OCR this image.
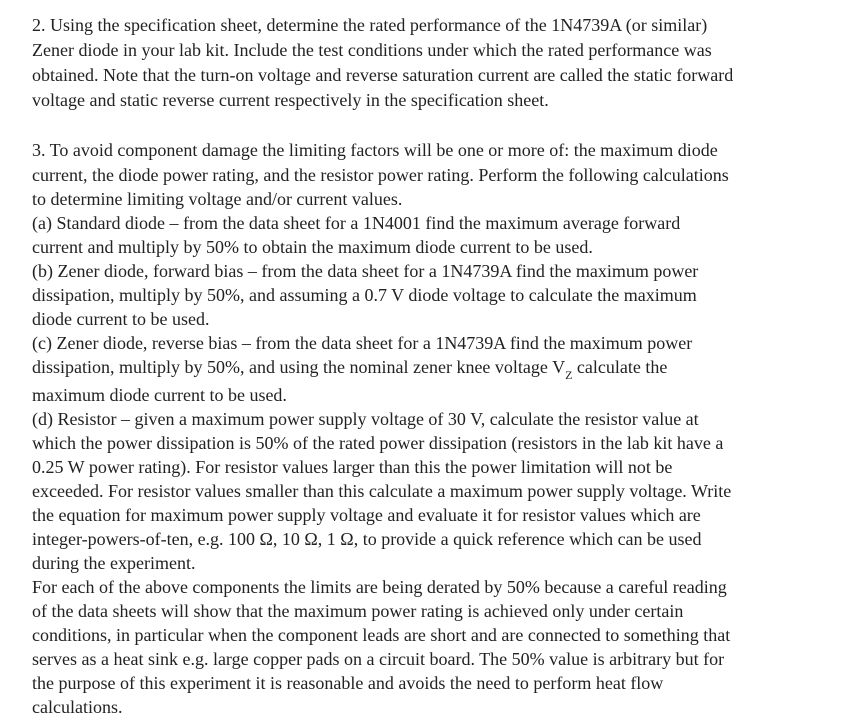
2. Using the specification sheet, determine the rated performance of the 1N4739A (or similar)
Zener diode in your lab kit. Include the test conditions under which the rated performance was
obtained. Note that the turn-on voltage and reverse saturation current are called the static forward
voltage and static reverse current respectively in the specification sheet.
3. To avoid component damage the limiting factors will be one or more of: the maximum diode
current, the diode power rating, and the resistor power rating. Perform the following calculations
to determine limiting voltage and/or current values.
(a) Standard diode – from the data sheet for a 1N4001 find the maximum average forward
current and multiply by 50% to obtain the maximum diode current to be used.
(b) Zener diode, forward bias – from the data sheet for a 1N4739A find the maximum power
dissipation, multiply by 50%, and assuming a 0.7 V diode voltage to calculate the maximum
diode current to be used.
(c) Zener diode, reverse bias – from the data sheet for a 1N4739A find the maximum power
dissipation, multiply by 50%, and using the nominal zener knee voltage $V_Z$ calculate the
maximum diode current to be used.
(d) Resistor – given a maximum power supply voltage of 30 V, calculate the resistor value at
which the power dissipation is 50% of the rated power dissipation (resistors in the lab kit have a
0.25 W power rating). For resistor values larger than this the power limitation will not be
exceeded. For resistor values smaller than this calculate a maximum power supply voltage. Write
the equation for maximum power supply voltage and evaluate it for resistor values which are
integer-powers-of-ten, e.g. 100 Ω, 10 Ω, 1 Ω, to provide a quick reference which can be used
during the experiment.
For each of the above components the limits are being derated by 50% because a careful reading
of the data sheets will show that the maximum power rating is achieved only under certain
conditions, in particular when the component leads are short and are connected to something that
serves as a heat sink e.g. large copper pads on a circuit board. The 50% value is arbitrary but for
the purpose of this experiment it is reasonable and avoids the need to perform heat flow
calculations.
